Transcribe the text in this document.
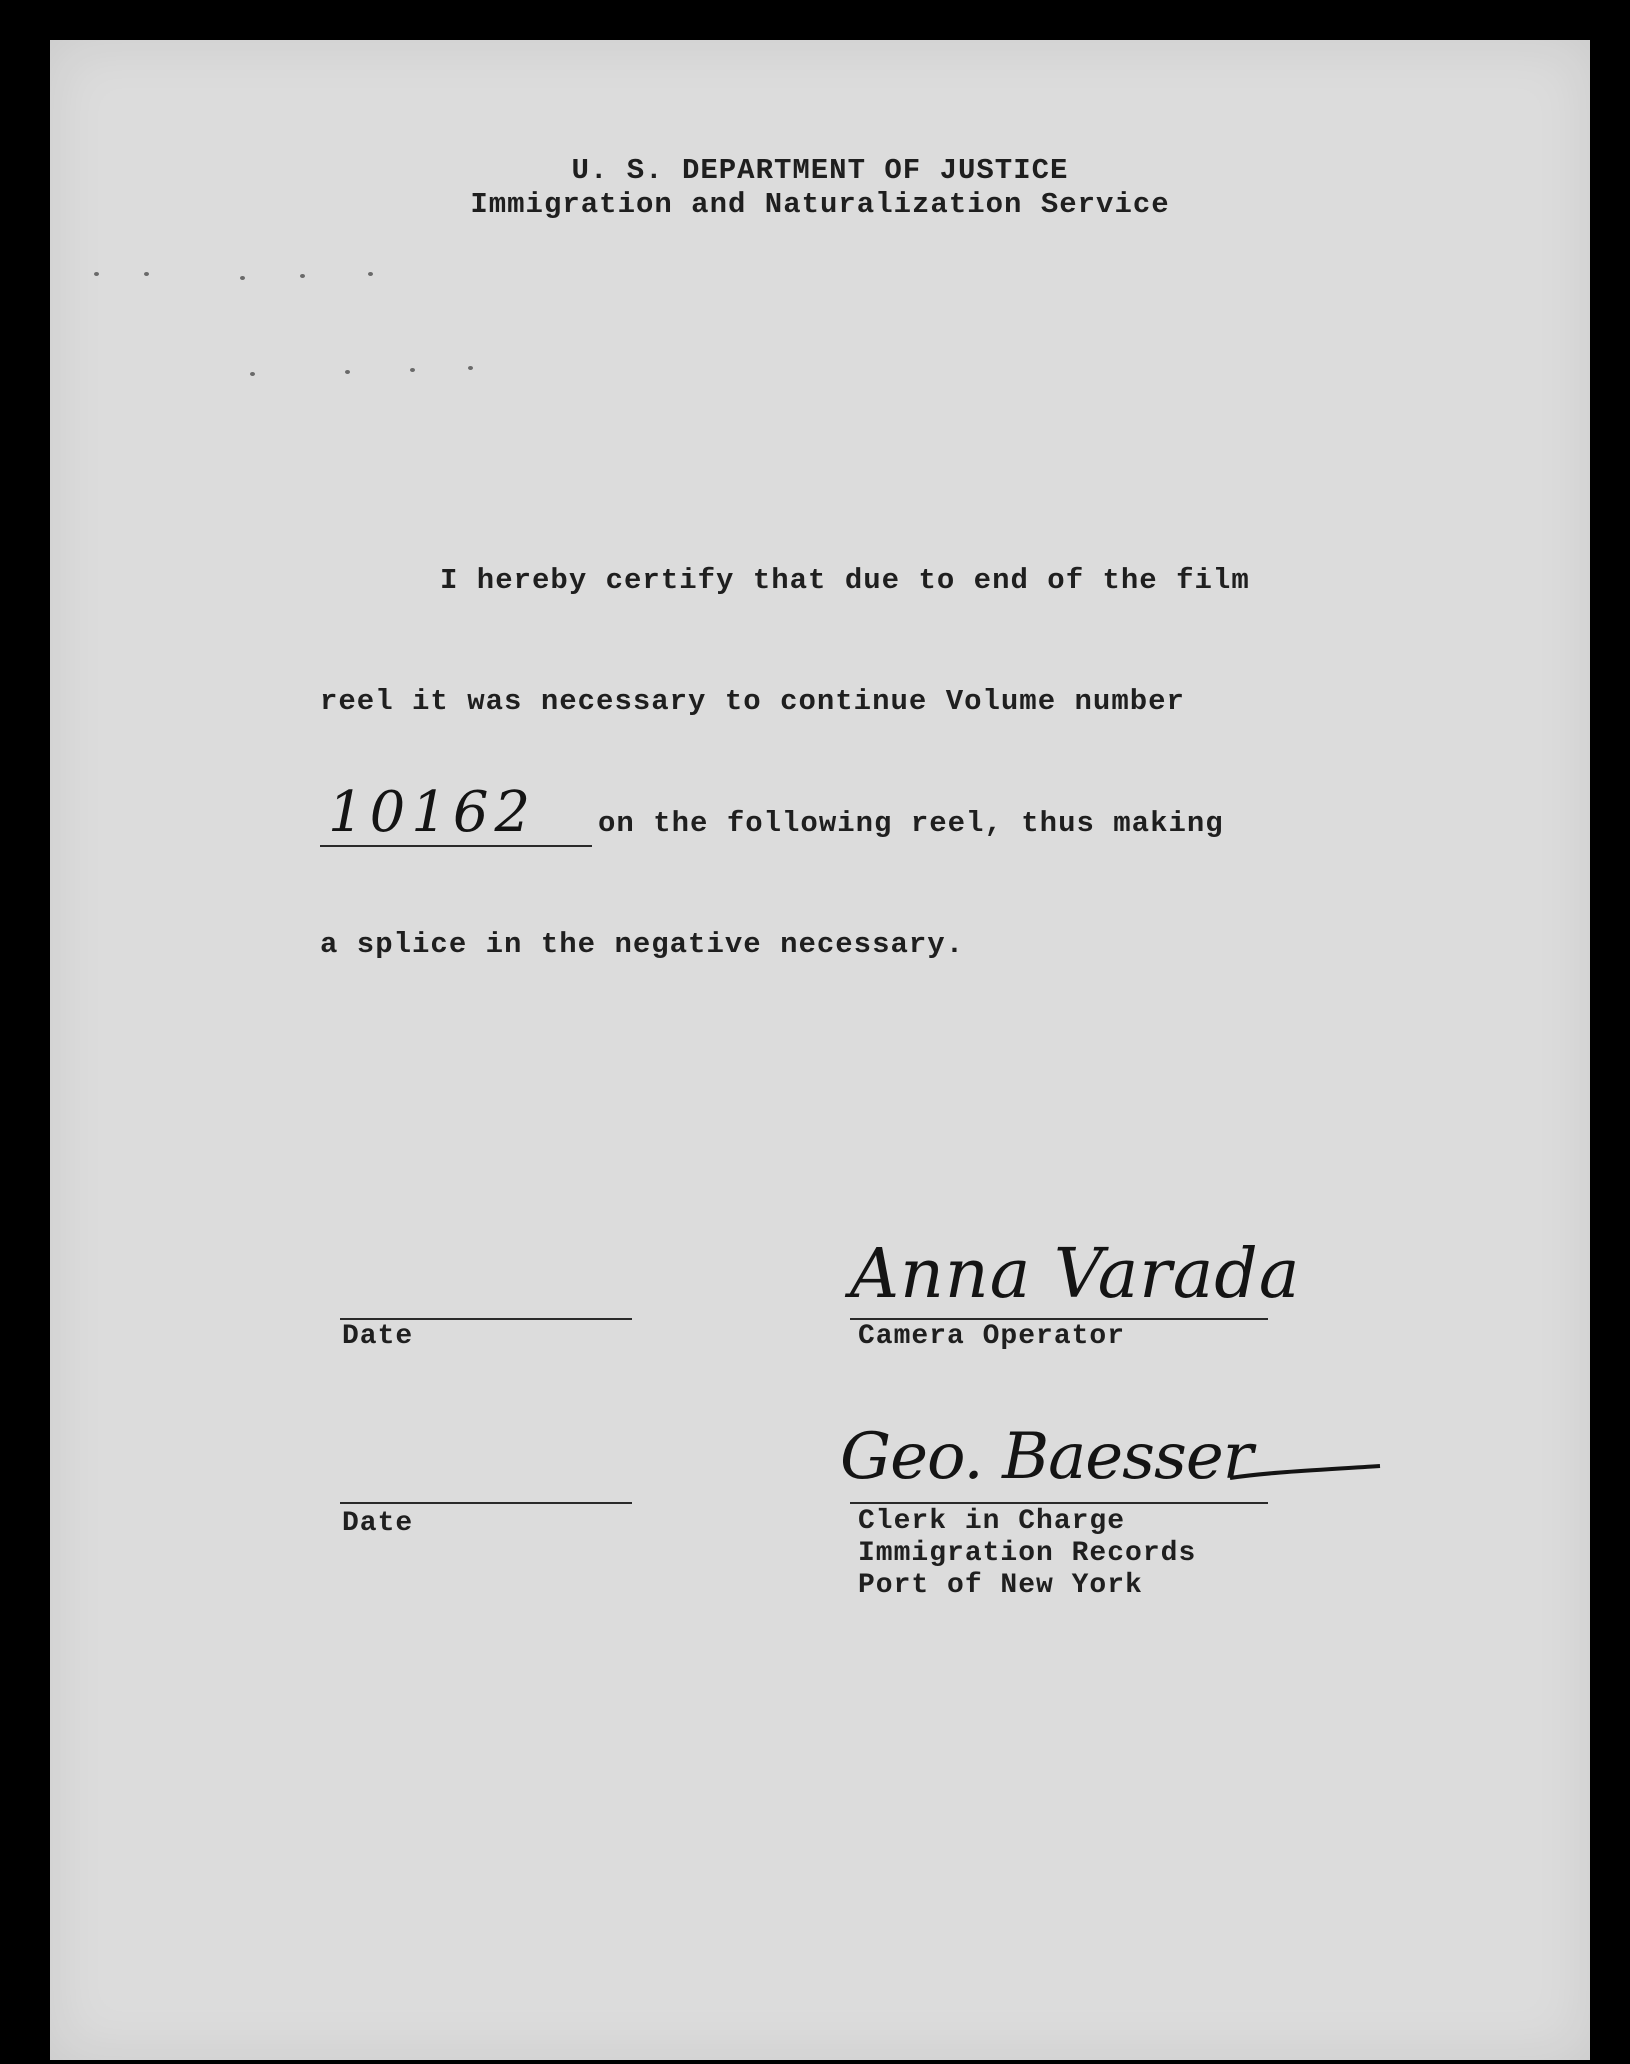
U. S. DEPARTMENT OF JUSTICE
Immigration and Naturalization Service
I hereby certify that due to end of the film
reel it was necessary to continue Volume number
10162 on the following reel, thus making
a splice in the negative necessary.
Date
Date
Anna Varada
Camera Operator
Geo. Baesser
Clerk in Charge
Immigration Records
Port of New York
